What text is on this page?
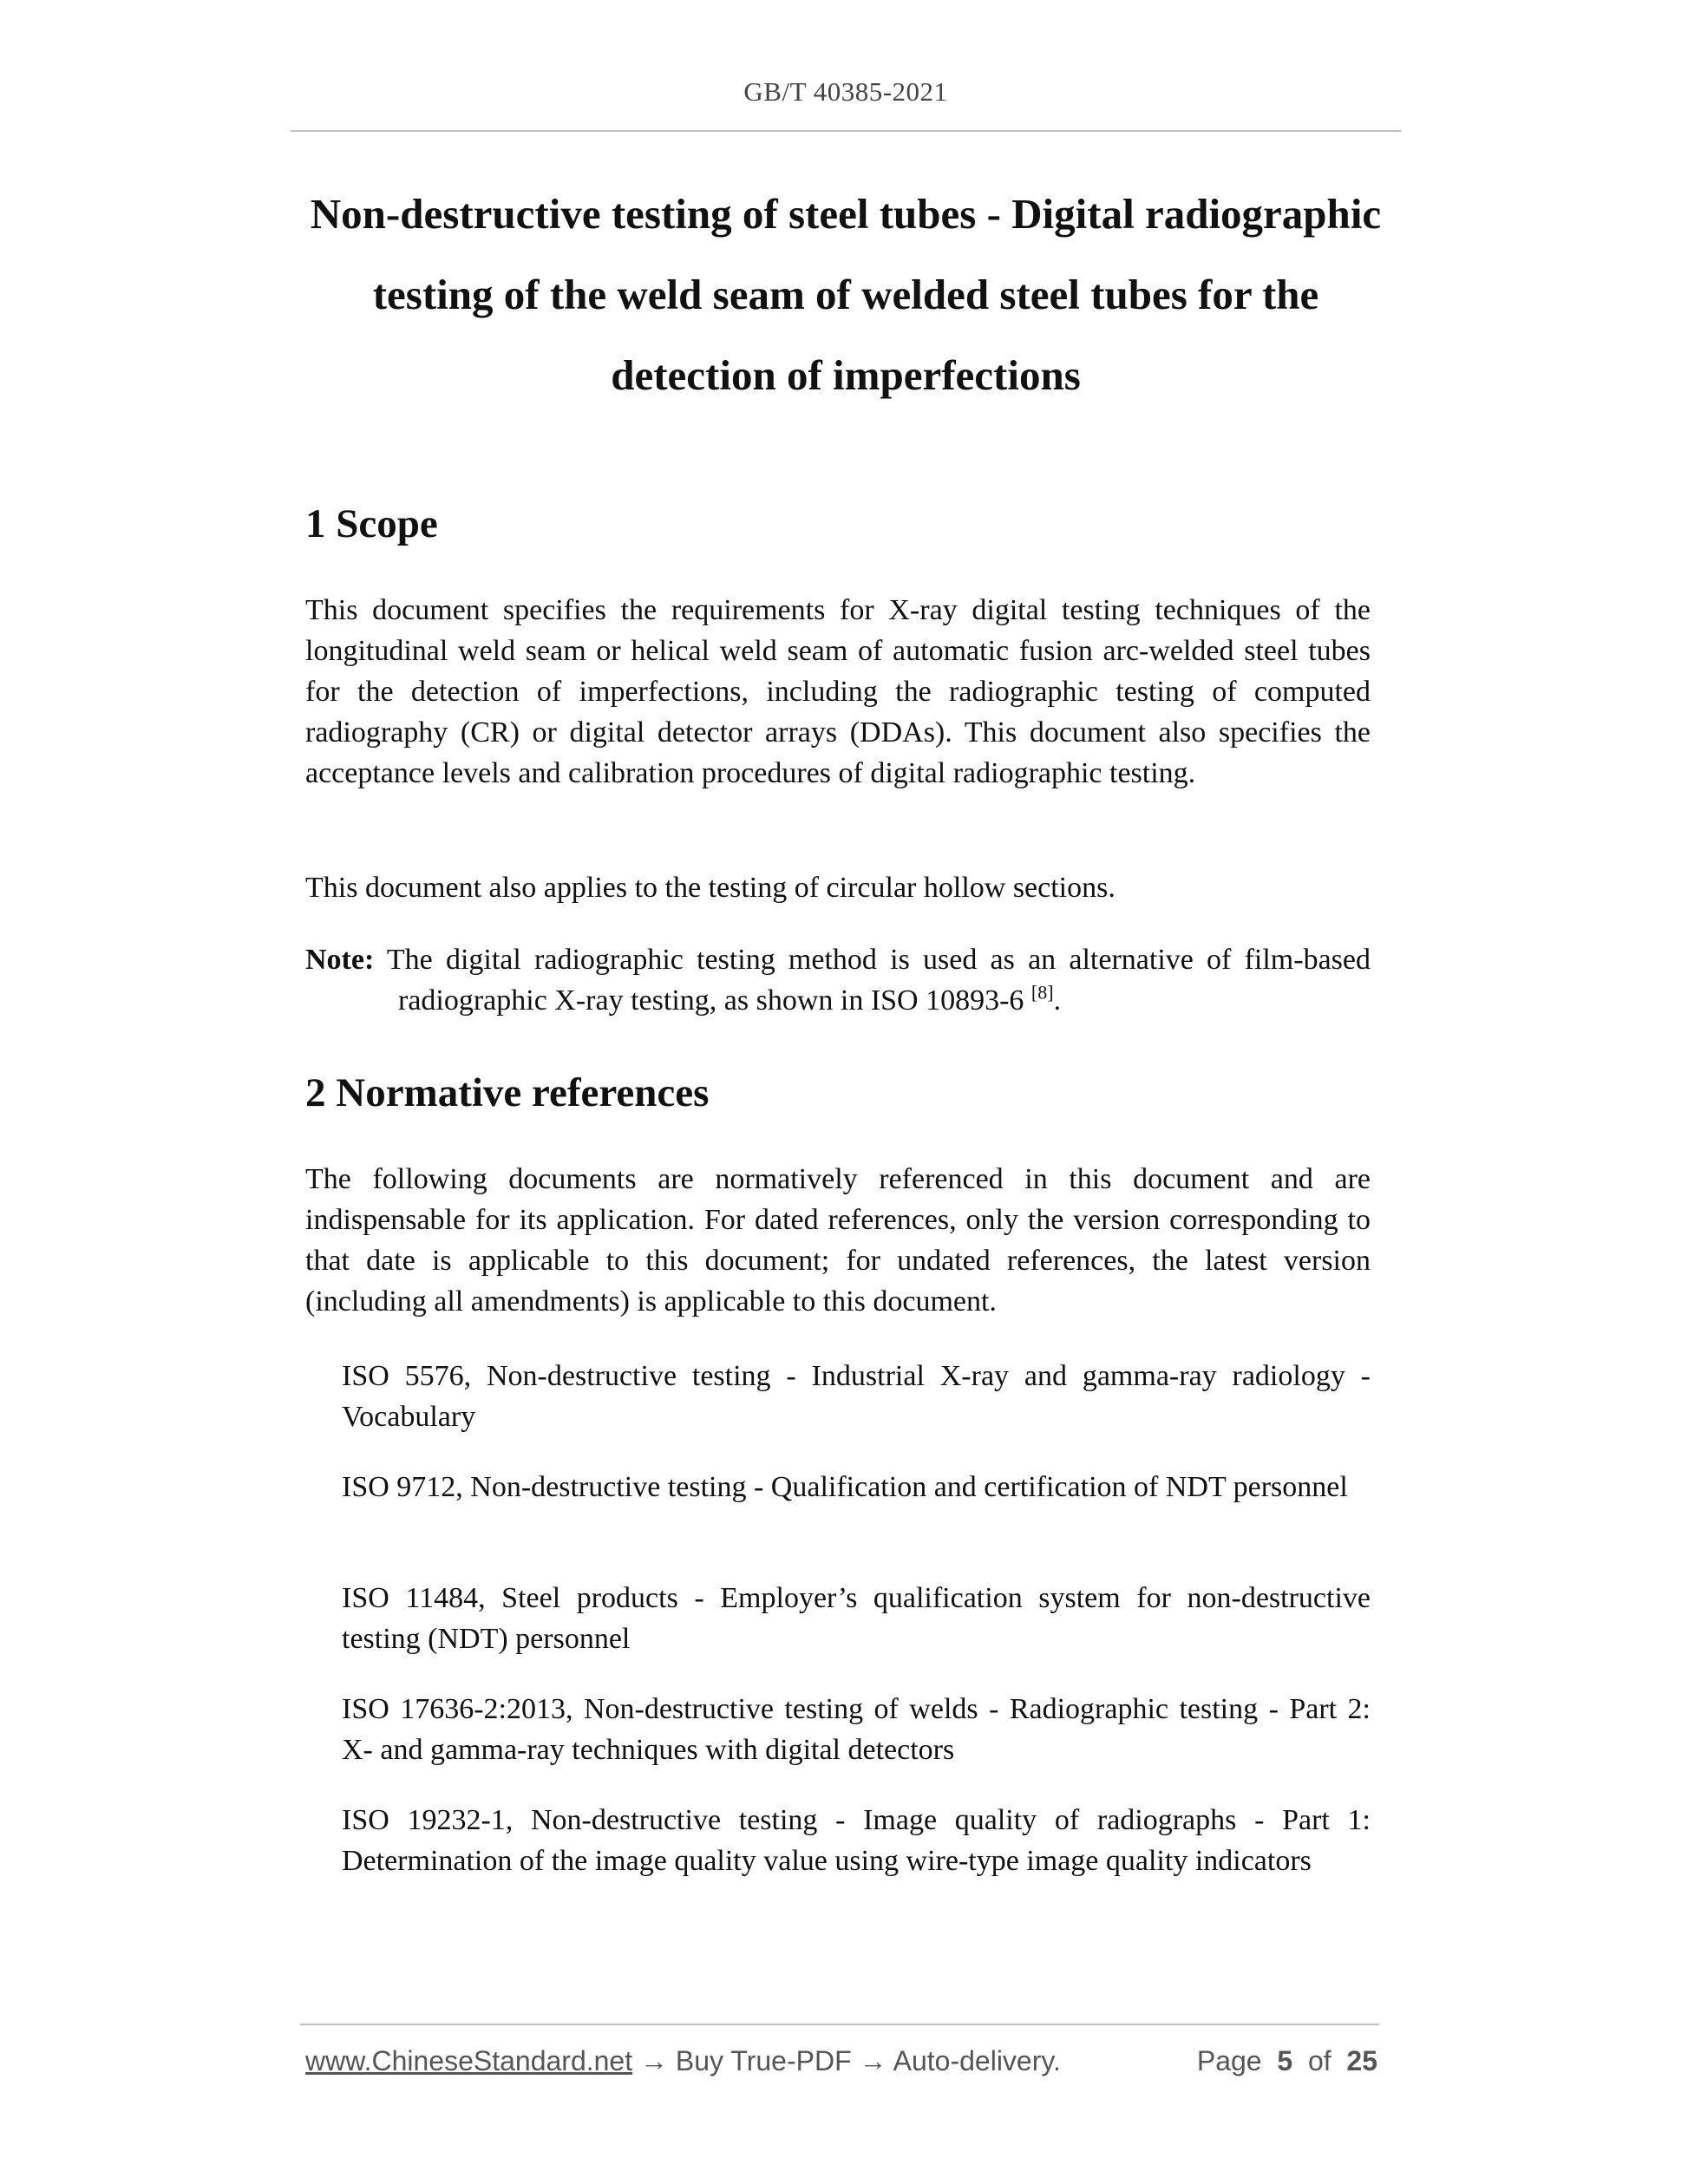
GB/T 40385-2021
Non-destructive testing of steel tubes - Digital radiographic
testing of the weld seam of welded steel tubes for the
detection of imperfections
1 Scope

This document specifies the requirements for X-ray digital testing techniques of the longitudinal weld seam or helical weld seam of automatic fusion arc-welded steel tubes for the detection of imperfections, including the radiographic testing of computed radiography (CR) or digital detector arrays (DDAs). This document also specifies the acceptance levels and calibration procedures of digital radiographic testing.

This document also applies to the testing of circular hollow sections.

Note: The digital radiographic testing method is used as an alternative of film-based radiographic X-ray testing, as shown in ISO 10893-6 [8].

2 Normative references

The following documents are normatively referenced in this document and are indispensable for its application. For dated references, only the version corresponding to that date is applicable to this document; for undated references, the latest version (including all amendments) is applicable to this document.

ISO 5576, Non-destructive testing - Industrial X-ray and gamma-ray radiology - Vocabulary

ISO 9712, Non-destructive testing - Qualification and certification of NDT personnel

ISO 11484, Steel products - Employer’s qualification system for non-destructive testing (NDT) personnel

ISO 17636-2:2013, Non-destructive testing of welds - Radiographic testing - Part 2: X- and gamma-ray techniques with digital detectors

ISO 19232-1, Non-destructive testing - Image quality of radiographs - Part 1: Determination of the image quality value using wire-type image quality indicators

www.ChineseStandard.net → Buy True-PDF → Auto-delivery.	Page 5 of 25
